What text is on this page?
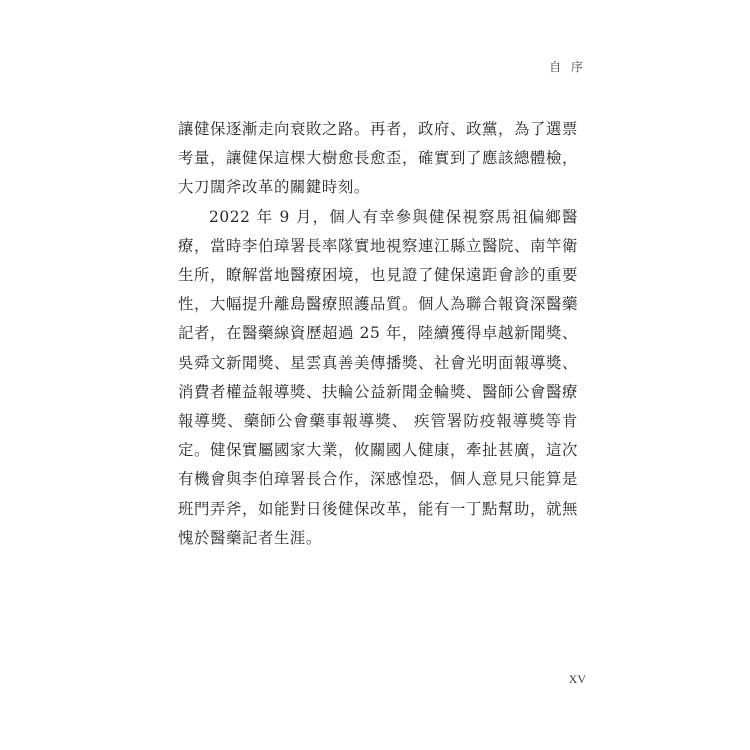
自 序

讓健保逐漸走向衰敗之路。再者，政府、政黨，為了選票考量，讓健保這棵大樹愈長愈歪，確實到了應該總體檢，大刀闊斧改革的關鍵時刻。

2022 年 9 月，個人有幸參與健保視察馬祖偏鄉醫療，當時李伯璋署長率隊實地視察連江縣立醫院、南竿衛生所，瞭解當地醫療困境，也見證了健保遠距會診的重要性，大幅提升離島醫療照護品質。個人為聯合報資深醫藥記者，在醫藥線資歷超過 25 年，陸續獲得卓越新聞獎、吳舜文新聞獎、星雲真善美傳播獎、社會光明面報導獎、消費者權益報導獎、扶輪公益新聞金輪獎、醫師公會醫療報導獎、藥師公會藥事報導獎、 疾管署防疫報導獎等肯定。健保實屬國家大業，攸關國人健康，牽扯甚廣，這次有機會與李伯璋署長合作，深感惶恐，個人意見只能算是班門弄斧，如能對日後健保改革，能有一丁點幫助，就無愧於醫藥記者生涯。

XV
